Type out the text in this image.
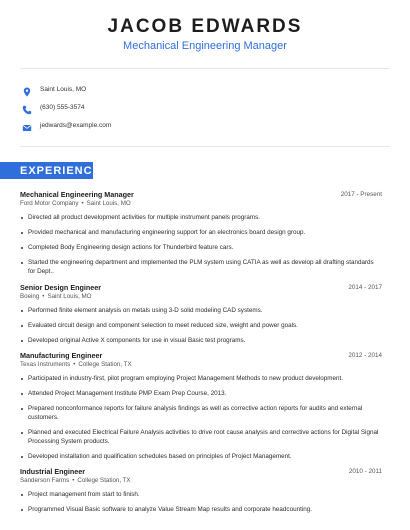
JACOB EDWARDS
Mechanical Engineering Manager
Saint Louis, MO
(630) 555-3574
jedwards@example.com
EXPERIENCE
Mechanical Engineering Manager	2017 - Present
Ford Motor Company • Saint Louis, MO
Directed all product development activities for multiple instrument panels programs.
Provided mechanical and manufacturing engineering support for an electronics board design group.
Completed Body Engineering design actions for Thunderbird feature cars.
Started the engineering department and implemented the PLM system using CATIA as well as develop all drafting standards for Dept..
Senior Design Engineer	2014 - 2017
Boeing • Saint Louis, MO
Performed finite element analysis on metals using 3-D solid modeling CAD systems.
Evaluated circuit design and component selection to meet reduced size, weight and power goals.
Developed original Active X components for use in visual Basic test programs.
Manufacturing Engineer	2012 - 2014
Texas Instruments • College Station, TX
Participated in industry-first, pilot program employing Project Management Methods to new product development.
Attended Project Management Institute PMP Exam Prep Course, 2013.
Prepared nonconformance reports for failure analysis findings as well as corrective action reports for audits and external customers.
Planned and executed Electrical Failure Analysis activities to drive root cause analysis and corrective actions for Digital Signal Processing System products.
Developed installation and qualification schedules based on principles of Project Management.
Industrial Engineer	2010 - 2011
Sanderson Farms • College Station, TX
Project management from start to finish.
Programmed Visual Basic software to analyze Value Stream Map results and corporate headcounting.
